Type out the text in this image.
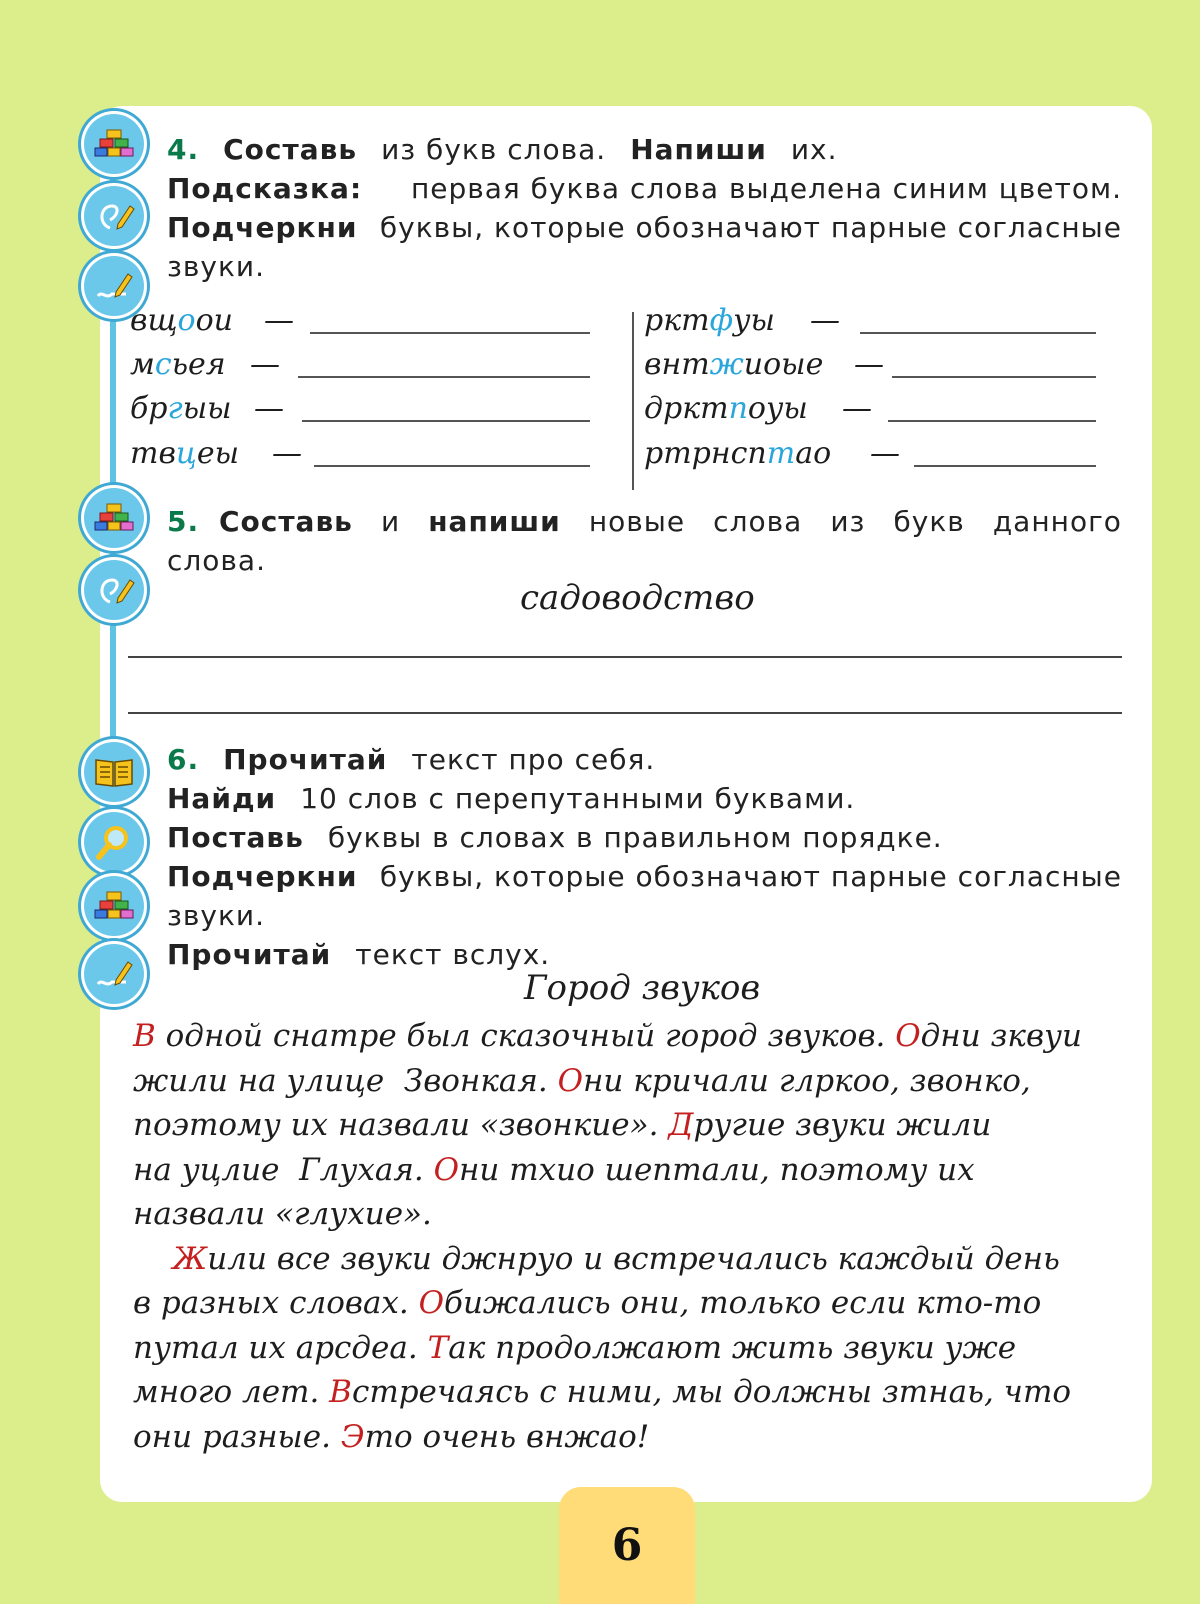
4. Составь из букв слова. Напиши их.
Подсказка: первая буква слова выделена синим цветом.
Подчеркни буквы, которые обозначают парные согласные
звуки.
вщоои —
мсьея —
бргыы —
твцеы —
рктфуы —
внтжиоые —
дрктпоуы —
ртрнсптао —
5. Составь и напиши новые слова из букв данного
слова.
садоводство
6. Прочитай текст про себя.
Найди 10 слов с перепутанными буквами.
Поставь буквы в словах в правильном порядке.
Подчеркни буквы, которые обозначают парные согласные
звуки.
Прочитай текст вслух.
Город звуков
В одной снатре был сказочный город звуков. Одни зквуи
жили на улице  Звонкая. Они кричали глркоо, звонко,
поэтому их назвали «звонкие». Другие звуки жили
на уцлие  Глухая. Они тхио шептали, поэтому их
назвали «глухие».
Жили все звуки джнруо и встречались каждый день
в разных словах. Обижались они, только если кто-то
путал их арсдеа. Так продолжают жить звуки уже
много лет. Встречаясь с ними, мы должны зтнаь, что
они разные. Это очень внжао!
6
